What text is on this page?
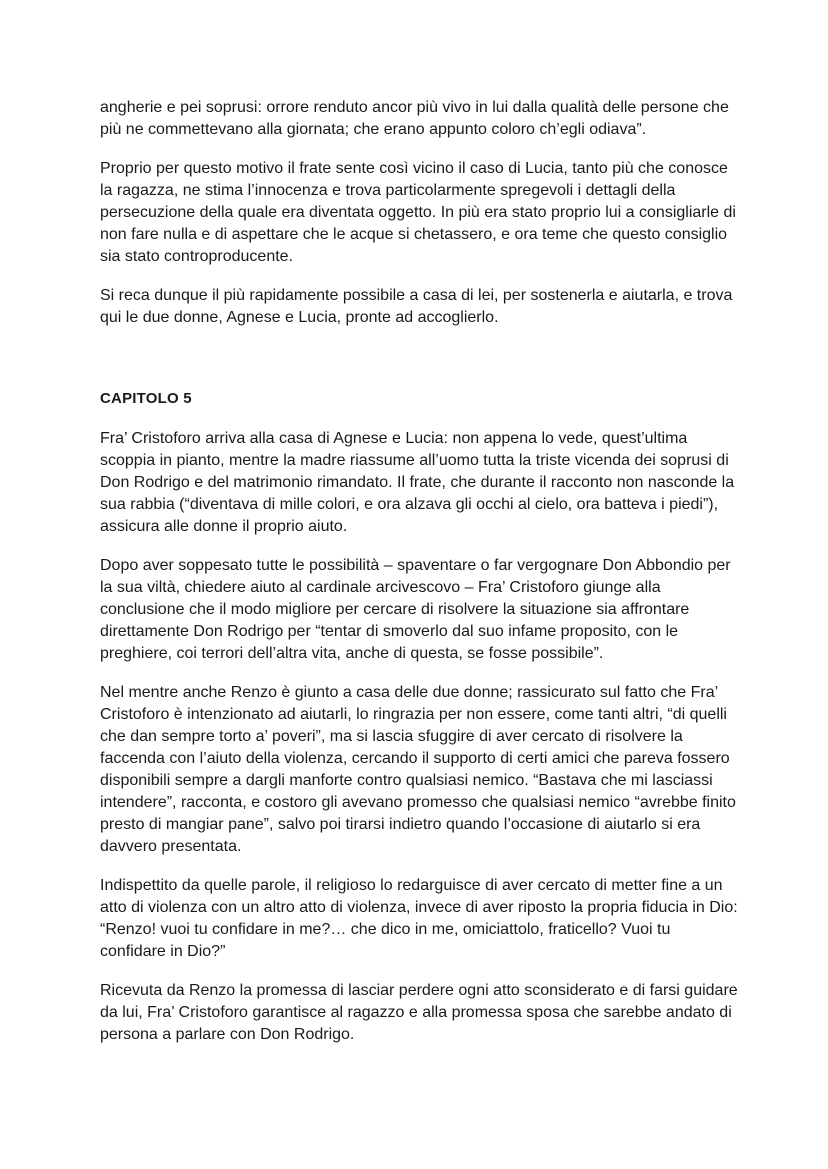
angherie e pei soprusi: orrore renduto ancor più vivo in lui dalla qualità delle persone che più ne commettevano alla giornata; che erano appunto coloro ch’egli odiava”.

Proprio per questo motivo il frate sente così vicino il caso di Lucia, tanto più che conosce la ragazza, ne stima l’innocenza e trova particolarmente spregevoli i dettagli della persecuzione della quale era diventata oggetto. In più era stato proprio lui a consigliarle di non fare nulla e di aspettare che le acque si chetassero, e ora teme che questo consiglio sia stato controproducente.

Si reca dunque il più rapidamente possibile a casa di lei, per sostenerla e aiutarla, e trova qui le due donne, Agnese e Lucia, pronte ad accoglierlo.

CAPITOLO 5

Fra’ Cristoforo arriva alla casa di Agnese e Lucia: non appena lo vede, quest’ultima scoppia in pianto, mentre la madre riassume all’uomo tutta la triste vicenda dei soprusi di Don Rodrigo e del matrimonio rimandato. Il frate, che durante il racconto non nasconde la sua rabbia (“diventava di mille colori, e ora alzava gli occhi al cielo, ora batteva i piedi”), assicura alle donne il proprio aiuto.

Dopo aver soppesato tutte le possibilità – spaventare o far vergognare Don Abbondio per la sua viltà, chiedere aiuto al cardinale arcivescovo – Fra’ Cristoforo giunge alla conclusione che il modo migliore per cercare di risolvere la situazione sia affrontare direttamente Don Rodrigo per “tentar di smoverlo dal suo infame proposito, con le preghiere, coi terrori dell’altra vita, anche di questa, se fosse possibile”.

Nel mentre anche Renzo è giunto a casa delle due donne; rassicurato sul fatto che Fra’ Cristoforo è intenzionato ad aiutarli, lo ringrazia per non essere, come tanti altri, “di quelli che dan sempre torto a’ poveri”, ma si lascia sfuggire di aver cercato di risolvere la faccenda con l’aiuto della violenza, cercando il supporto di certi amici che pareva fossero disponibili sempre a dargli manforte contro qualsiasi nemico. “Bastava che mi lasciassi intendere”, racconta, e costoro gli avevano promesso che qualsiasi nemico “avrebbe finito presto di mangiar pane”, salvo poi tirarsi indietro quando l’occasione di aiutarlo si era davvero presentata.

Indispettito da quelle parole, il religioso lo redarguisce di aver cercato di metter fine a un atto di violenza con un altro atto di violenza, invece di aver riposto la propria fiducia in Dio: “Renzo! vuoi tu confidare in me?… che dico in me, omiciattolo, fraticello? Vuoi tu confidare in Dio?”

Ricevuta da Renzo la promessa di lasciar perdere ogni atto sconsiderato e di farsi guidare da lui, Fra’ Cristoforo garantisce al ragazzo e alla promessa sposa che sarebbe andato di persona a parlare con Don Rodrigo.
